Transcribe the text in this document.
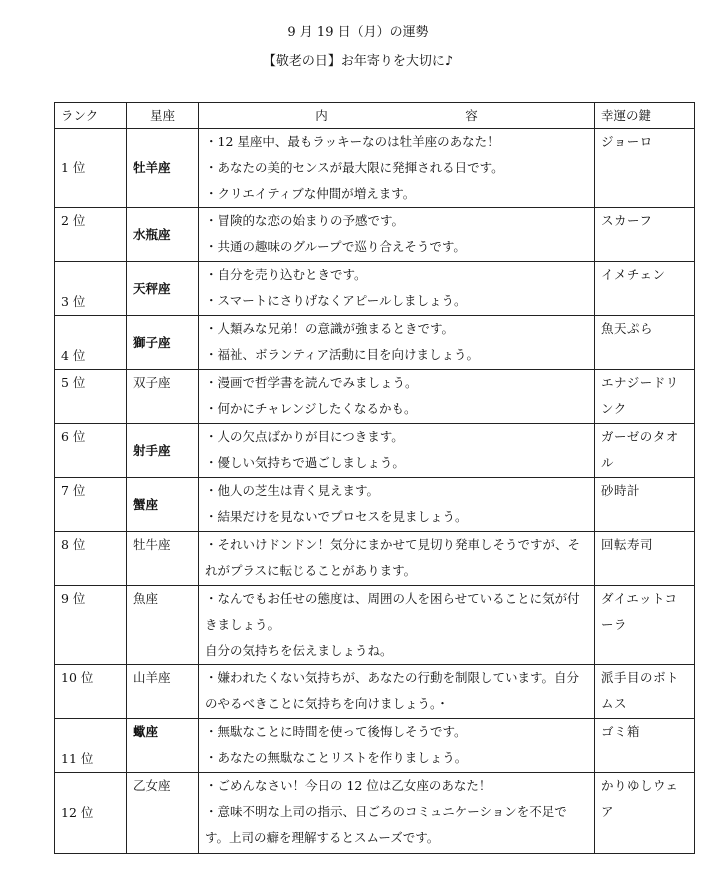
9 月 19 日（月）の運勢
【敬老の日】お年寄りを大切に♪
ランク	星座	内　　容	幸運の鍵
1 位	牡羊座	・12 星座中、最もラッキーなのは牡羊座のあなた！
・あなたの美的センスが最大限に発揮される日です。
・クリエイティブな仲間が増えます。	ジョーロ
2 位	水瓶座	・冒険的な恋の始まりの予感です。
・共通の趣味のグループで巡り合えそうです。	スカーフ
3 位	天秤座	・自分を売り込むときです。
・スマートにさりげなくアピールしましょう。	イメチェン
4 位	獅子座	・人類みな兄弟！の意識が強まるときです。
・福祉、ボランティア活動に目を向けましょう。	魚天ぷら
5 位	双子座	・漫画で哲学書を読んでみましょう。
・何かにチャレンジしたくなるかも。	エナジードリンク
6 位	射手座	・人の欠点ばかりが目につきます。
・優しい気持ちで過ごしましょう。	ガーゼのタオル
7 位	蟹座	・他人の芝生は青く見えます。
・結果だけを見ないでプロセスを見ましょう。	砂時計
8 位	牡牛座	・それいけドンドン！気分にまかせて見切り発車しそうですが、それがプラスに転じることがあります。	回転寿司
9 位	魚座	・なんでもお任せの態度は、周囲の人を困らせていることに気が付きましょう。
自分の気持ちを伝えましょうね。	ダイエットコーラ
10 位	山羊座	・嫌われたくない気持ちが、あなたの行動を制限しています。自分のやるべきことに気持ちを向けましょう。・	派手目のボトムス
11 位	蠍座	・無駄なことに時間を使って後悔しそうです。
・あなたの無駄なことリストを作りましょう。	ゴミ箱
12 位	乙女座	・ごめんなさい！今日の 12 位は乙女座のあなた！
・意味不明な上司の指示、日ごろのコミュニケーションを不足です。上司の癖を理解するとスムーズです。	かりゆしウェア
